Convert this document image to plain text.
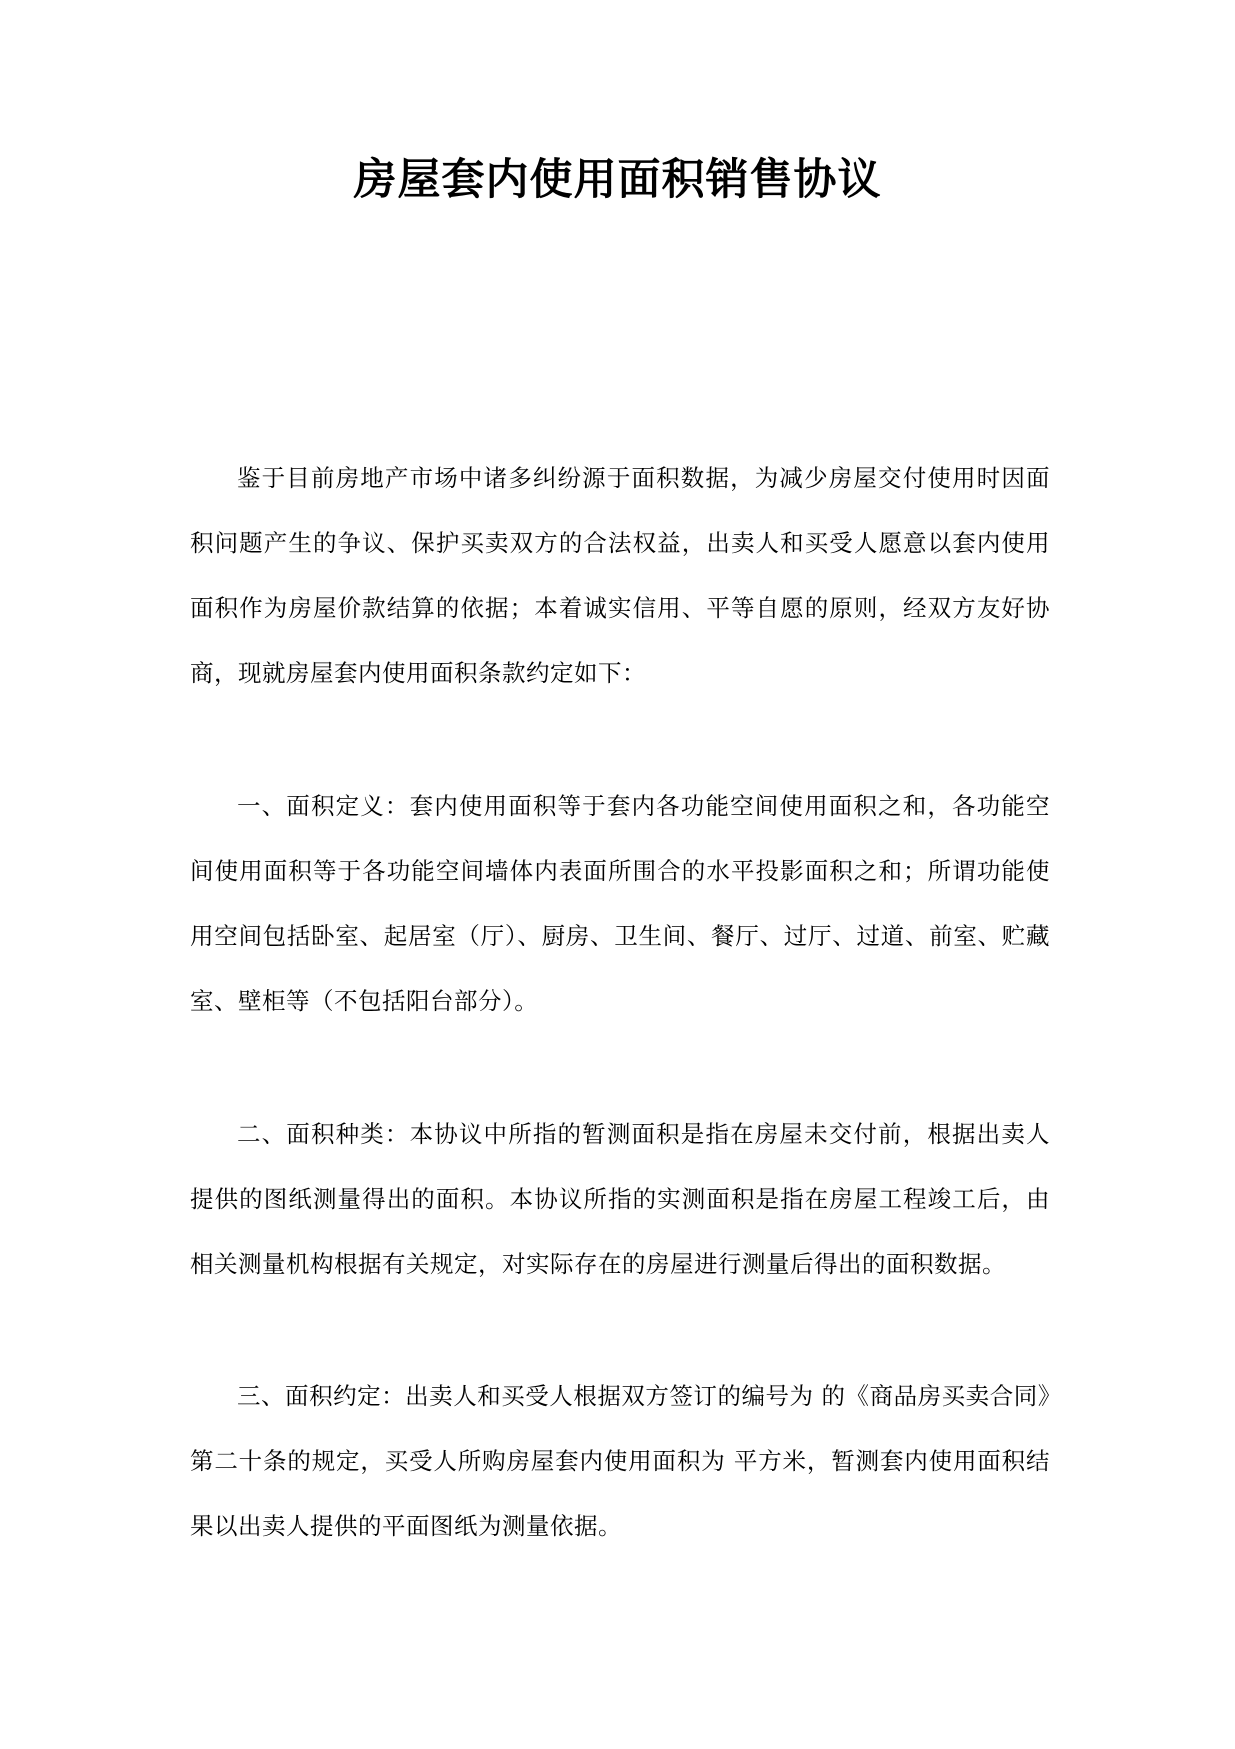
房屋套内使用面积销售协议

鉴于目前房地产市场中诸多纠纷源于面积数据，为减少房屋交付使用时因面积问题产生的争议、保护买卖双方的合法权益，出卖人和买受人愿意以套内使用面积作为房屋价款结算的依据；本着诚实信用、平等自愿的原则，经双方友好协商，现就房屋套内使用面积条款约定如下：

一、面积定义：套内使用面积等于套内各功能空间使用面积之和，各功能空间使用面积等于各功能空间墙体内表面所围合的水平投影面积之和；所谓功能使用空间包括卧室、起居室（厅）、厨房、卫生间、餐厅、过厅、过道、前室、贮藏室、壁柜等（不包括阳台部分）。

二、面积种类：本协议中所指的暂测面积是指在房屋未交付前，根据出卖人提供的图纸测量得出的面积。本协议所指的实测面积是指在房屋工程竣工后，由相关测量机构根据有关规定，对实际存在的房屋进行测量后得出的面积数据。

三、面积约定：出卖人和买受人根据双方签订的编号为 的《商品房买卖合同》第二十条的规定，买受人所购房屋套内使用面积为 平方米，暂测套内使用面积结果以出卖人提供的平面图纸为测量依据。
